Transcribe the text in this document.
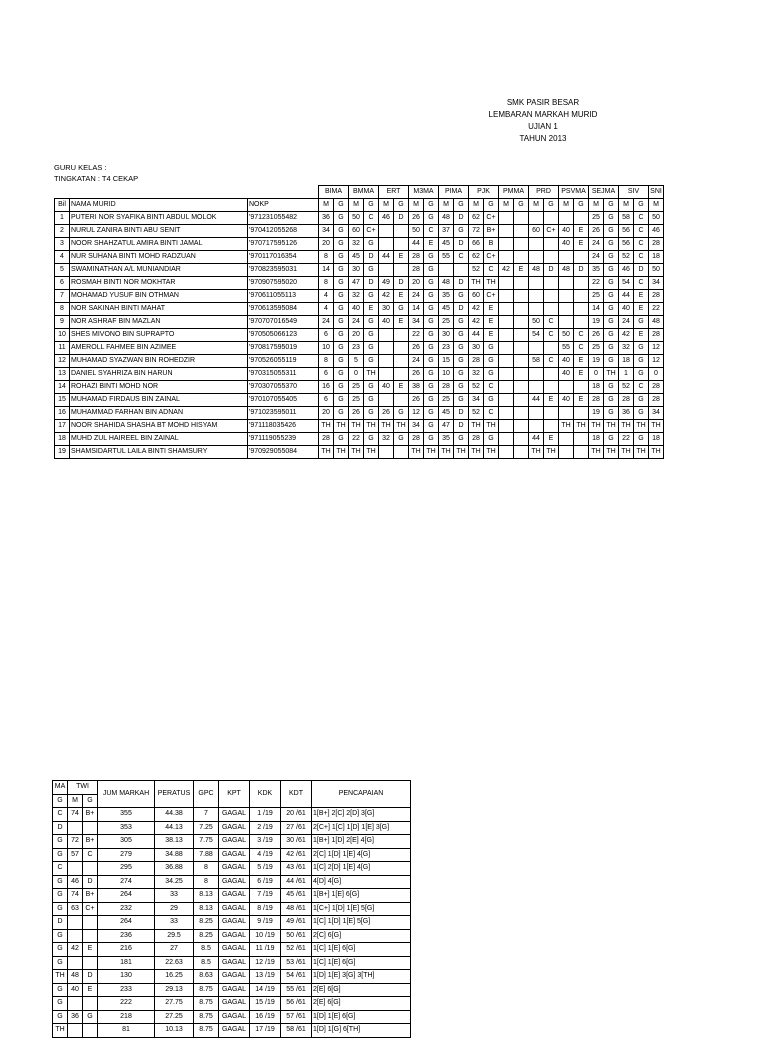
SMK PASIR BESAR
LEMBARAN MARKAH MURID
UJIAN 1
TAHUN 2013
GURU KELAS :
TINGKATAN : T4 CEKAP
			BIMA		BMMA		ERT		M3MA		PIMA		PJK		PMMA		PRD		PSVMA		SEJMA		SIV		SNI
Bil	NAMA MURID	NOKP	M	G	M	G	M	G	M	G	M	G	M	G	M	G	M	G	M	G	M	G	M	G	M
1	PUTERI NOR SYAFIKA BINTI ABDUL MOLOK	'971231055482	36	G	50	C	46	D	26	G	48	D	62	C+							25	G	58	C	50
2	NURUL ZANIRA BINTI ABU SENIT	'970412055268	34	G	60	C+			50	C	37	G	72	B+			60	C+	40	E	26	G	56	C	46
3	NOOR SHAHZATUL AMIRA BINTI JAMAL	'970717595126	20	G	32	G			44	E	45	D	66	B					40	E	24	G	56	C	28
4	NUR SUHANA BINTI MOHD RADZUAN	'970117016354	8	G	45	D	44	E	28	G	55	C	62	C+							24	G	52	C	18
5	SWAMINATHAN A/L MUNIANDIAR	'970823595031	14	G	30	G			28	G			52	C	42	E	48	D	48	D	35	G	46	D	50
6	ROSMAH BINTI NOR MOKHTAR	'970907595020	8	G	47	D	49	D	20	G	48	D	TH	TH							22	G	54	C	34
7	MOHAMAD YUSUF BIN OTHMAN	'970611055113	4	G	32	G	42	E	24	G	35	G	60	C+							25	G	44	E	28
8	NOR SAKINAH BINTI MAHAT	'970613595084	4	G	40	E	30	G	14	G	45	D	42	E							14	G	40	E	22
9	NOR ASHRAF BIN MAZLAN	'970707016549	24	G	24	G	40	E	34	G	25	G	42	E			50	C			19	G	24	G	48
10	SHES MIVONO BIN SUPRAPTO	'970505066123	6	G	20	G			22	G	30	G	44	E			54	C	50	C	26	G	42	E	28
11	AMEROLL FAHMEE BIN AZIMEE	'970817595019	10	G	23	G			26	G	23	G	30	G					55	C	25	G	32	G	12
12	MUHAMAD SYAZWAN BIN ROHEDZIR	'970526055119	8	G	5	G			24	G	15	G	28	G			58	C	40	E	19	G	18	G	12
13	DANIEL SYAHRIZA BIN HARUN	'970315055311	6	G	0	TH			26	G	10	G	32	G					40	E	0	TH	1	G	0
14	ROHAZI BINTI MOHD NOR	'970307055370	16	G	25	G	40	E	38	G	28	G	52	C							18	G	52	C	28
15	MUHAMAD FIRDAUS BIN ZAINAL	'970107055405	6	G	25	G			26	G	25	G	34	G			44	E	40	E	28	G	28	G	28
16	MUHAMMAD FARHAN BIN ADNAN	'971023595011	20	G	26	G	26	G	12	G	45	D	52	C							19	G	36	G	34
17	NOOR SHAHIDA SHASHA BT MOHD HISYAM	'971118035426	TH	TH	TH	TH	TH	TH	34	G	47	D	TH	TH					TH	TH	TH	TH	TH	TH	TH
18	MUHD ZUL HAIREEL BIN ZAINAL	'971119055239	28	G	22	G	32	G	28	G	35	G	28	G			44	E			18	G	22	G	18
19	SHAMSIDARTUL LAILA BINTI SHAMSURY	'970929055084	TH	TH	TH	TH			TH	TH	TH	TH	TH	TH			TH	TH			TH	TH	TH	TH	TH
MA	TWI		JUM MARKAH	PERATUS	GPC	KPT	KDK	KDT	PENCAPAIAN
G	M	G							
C	74	B+	355	44.38	7	GAGAL	1 /19	20 /61	1[B+] 2[C] 2[D] 3[G]
D			353	44.13	7.25	GAGAL	2 /19	27 /61	2[C+] 1[C] 1[D] 1[E] 3[G]
G	72	B+	305	38.13	7.75	GAGAL	3 /19	30 /61	1[B+] 1[D] 2[E] 4[G]
G	57	C	279	34.88	7.88	GAGAL	4 /19	42 /61	2[C] 1[D] 1[E] 4[G]
C			295	36.88	8	GAGAL	5 /19	43 /61	1[C] 2[D] 1[E] 4[G]
G	46	D	274	34.25	8	GAGAL	6 /19	44 /61	4[D] 4[G]
G	74	B+	264	33	8.13	GAGAL	7 /19	45 /61	1[B+] 1[E] 6[G]
G	63	C+	232	29	8.13	GAGAL	8 /19	48 /61	1[C+] 1[D] 1[E] 5[G]
D			264	33	8.25	GAGAL	9 /19	49 /61	1[C] 1[D] 1[E] 5[G]
G			236	29.5	8.25	GAGAL	10 /19	50 /61	2[C] 6[G]
G	42	E	216	27	8.5	GAGAL	11 /19	52 /61	1[C] 1[E] 6[G]
G			181	22.63	8.5	GAGAL	12 /19	53 /61	1[C] 1[E] 6[G]
TH	48	D	130	16.25	8.63	GAGAL	13 /19	54 /61	1[D] 1[E] 3[G] 3[TH]
G	40	E	233	29.13	8.75	GAGAL	14 /19	55 /61	2[E] 6[G]
G			222	27.75	8.75	GAGAL	15 /19	56 /61	2[E] 6[G]
G	36	G	218	27.25	8.75	GAGAL	16 /19	57 /61	1[D] 1[E] 6[G]
TH			81	10.13	8.75	GAGAL	17 /19	58 /61	1[D] 1[G] 6[TH]
